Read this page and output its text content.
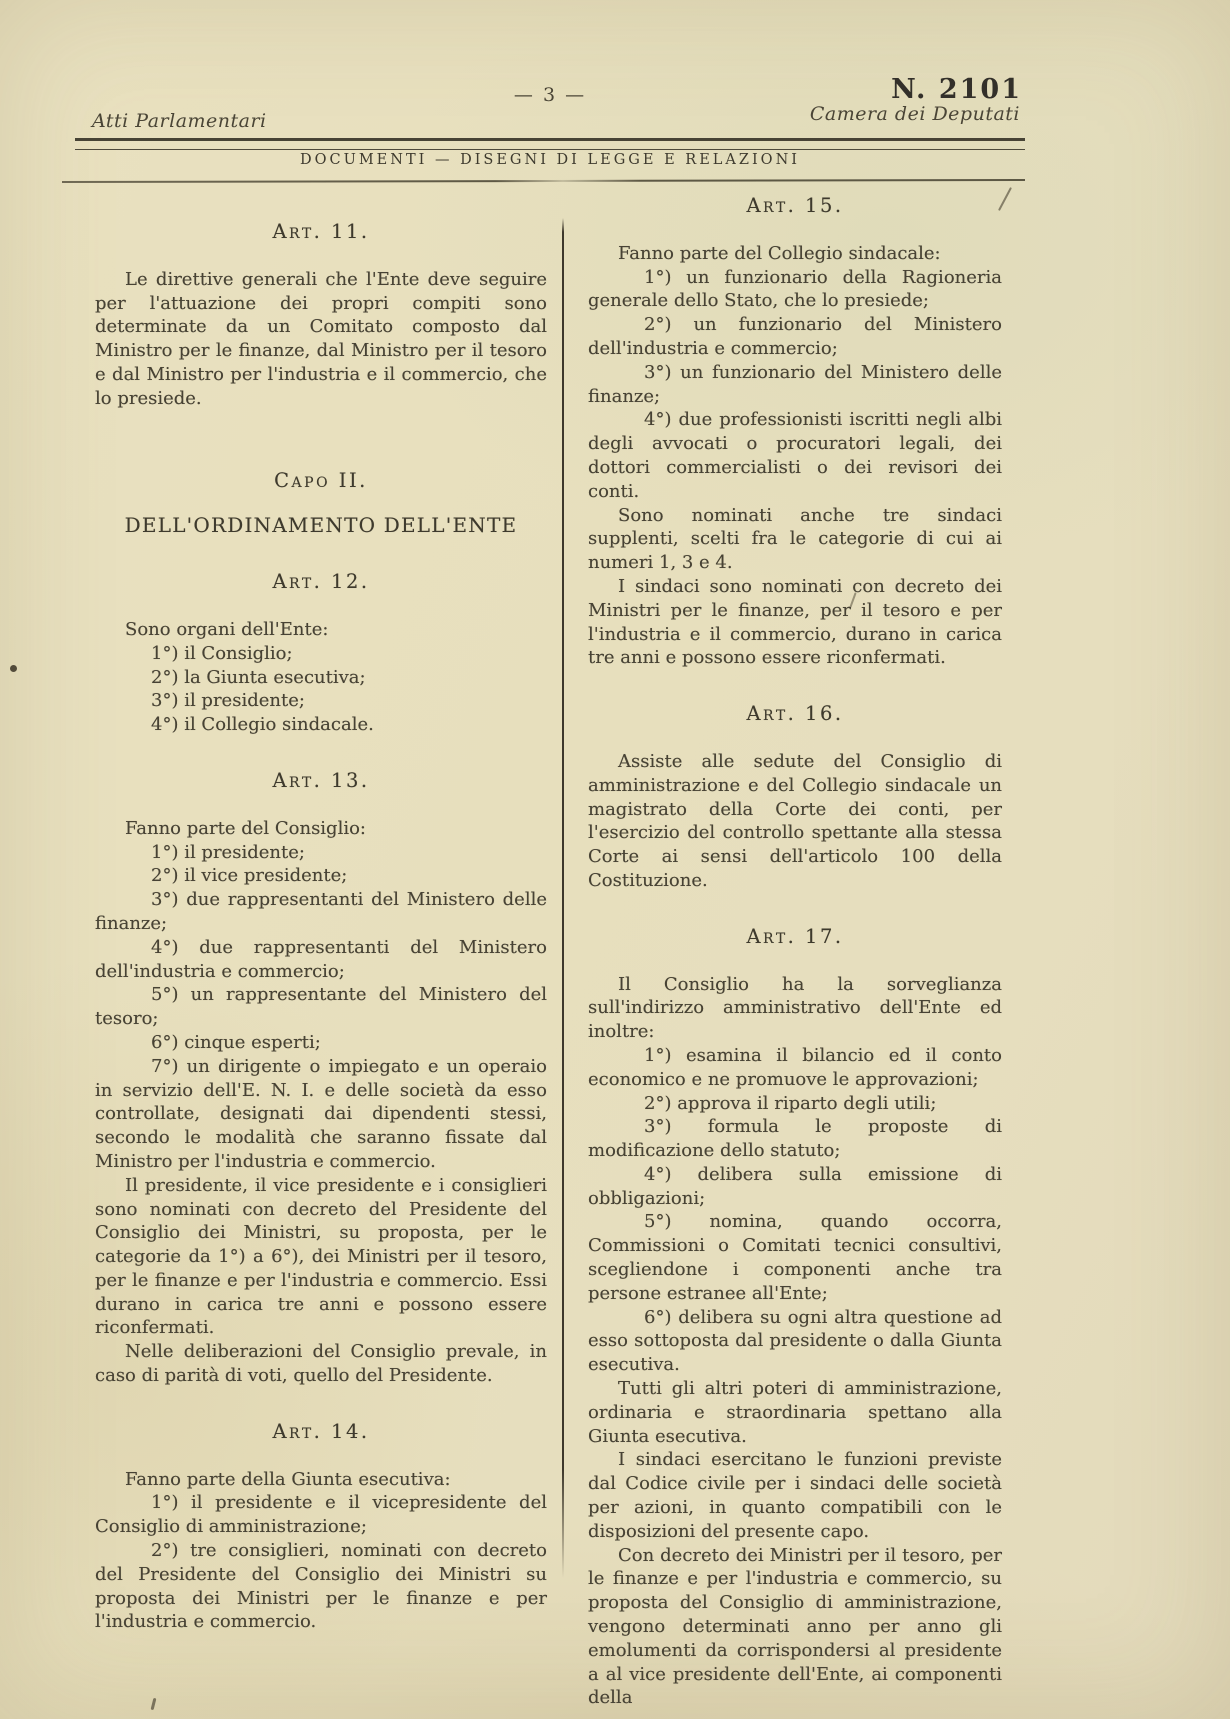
— 3 —	N. 2101
Atti Parlamentari	Camera dei Deputati
DOCUMENTI — DISEGNI DI LEGGE E RELAZIONI
Art. 11.
Le direttive generali che l'Ente deve seguire per l'attuazione dei propri compiti sono determinate da un Comitato composto dal Ministro per le finanze, dal Ministro per il tesoro e dal Ministro per l'industria e il commercio, che lo presiede.
Capo II.
DELL'ORDINAMENTO DELL'ENTE
Art. 12.
Sono organi dell'Ente:
1°) il Consiglio;
2°) la Giunta esecutiva;
3°) il presidente;
4°) il Collegio sindacale.
Art. 13.
Fanno parte del Consiglio:
1°) il presidente;
2°) il vice presidente;
3°) due rappresentanti del Ministero delle finanze;
4°) due rappresentanti del Ministero dell'industria e commercio;
5°) un rappresentante del Ministero del tesoro;
6°) cinque esperti;
7°) un dirigente o impiegato e un operaio in servizio dell'E. N. I. e delle società da esso controllate, designati dai dipendenti stessi, secondo le modalità che saranno fissate dal Ministro per l'industria e commercio.
Il presidente, il vice presidente e i consiglieri sono nominati con decreto del Presidente del Consiglio dei Ministri, su proposta, per le categorie da 1°) a 6°), dei Ministri per il tesoro, per le finanze e per l'industria e commercio. Essi durano in carica tre anni e possono essere riconfermati.
Nelle deliberazioni del Consiglio prevale, in caso di parità di voti, quello del Presidente.
Art. 14.
Fanno parte della Giunta esecutiva:
1°) il presidente e il vicepresidente del Consiglio di amministrazione;
2°) tre consiglieri, nominati con decreto del Presidente del Consiglio dei Ministri su proposta dei Ministri per le finanze e per l'industria e commercio.
Art. 15.
Fanno parte del Collegio sindacale:
1°) un funzionario della Ragioneria generale dello Stato, che lo presiede;
2°) un funzionario del Ministero dell'industria e commercio;
3°) un funzionario del Ministero delle finanze;
4°) due professionisti iscritti negli albi degli avvocati o procuratori legali, dei dottori commercialisti o dei revisori dei conti.
Sono nominati anche tre sindaci supplenti, scelti fra le categorie di cui ai numeri 1, 3 e 4.
I sindaci sono nominati con decreto dei Ministri per le finanze, per il tesoro e per l'industria e il commercio, durano in carica tre anni e possono essere riconfermati.
Art. 16.
Assiste alle sedute del Consiglio di amministrazione e del Collegio sindacale un magistrato della Corte dei conti, per l'esercizio del controllo spettante alla stessa Corte ai sensi dell'articolo 100 della Costituzione.
Art. 17.
Il Consiglio ha la sorveglianza sull'indirizzo amministrativo dell'Ente ed inoltre:
1°) esamina il bilancio ed il conto economico e ne promuove le approvazioni;
2°) approva il riparto degli utili;
3°) formula le proposte di modificazione dello statuto;
4°) delibera sulla emissione di obbligazioni;
5°) nomina, quando occorra, Commissioni o Comitati tecnici consultivi, scegliendone i componenti anche tra persone estranee all'Ente;
6°) delibera su ogni altra questione ad esso sottoposta dal presidente o dalla Giunta esecutiva.
Tutti gli altri poteri di amministrazione, ordinaria e straordinaria spettano alla Giunta esecutiva.
I sindaci esercitano le funzioni previste dal Codice civile per i sindaci delle società per azioni, in quanto compatibili con le disposizioni del presente capo.
Con decreto dei Ministri per il tesoro, per le finanze e per l'industria e commercio, su proposta del Consiglio di amministrazione, vengono determinati anno per anno gli emolumenti da corrispondersi al presidente a al vice presidente dell'Ente, ai componenti della
